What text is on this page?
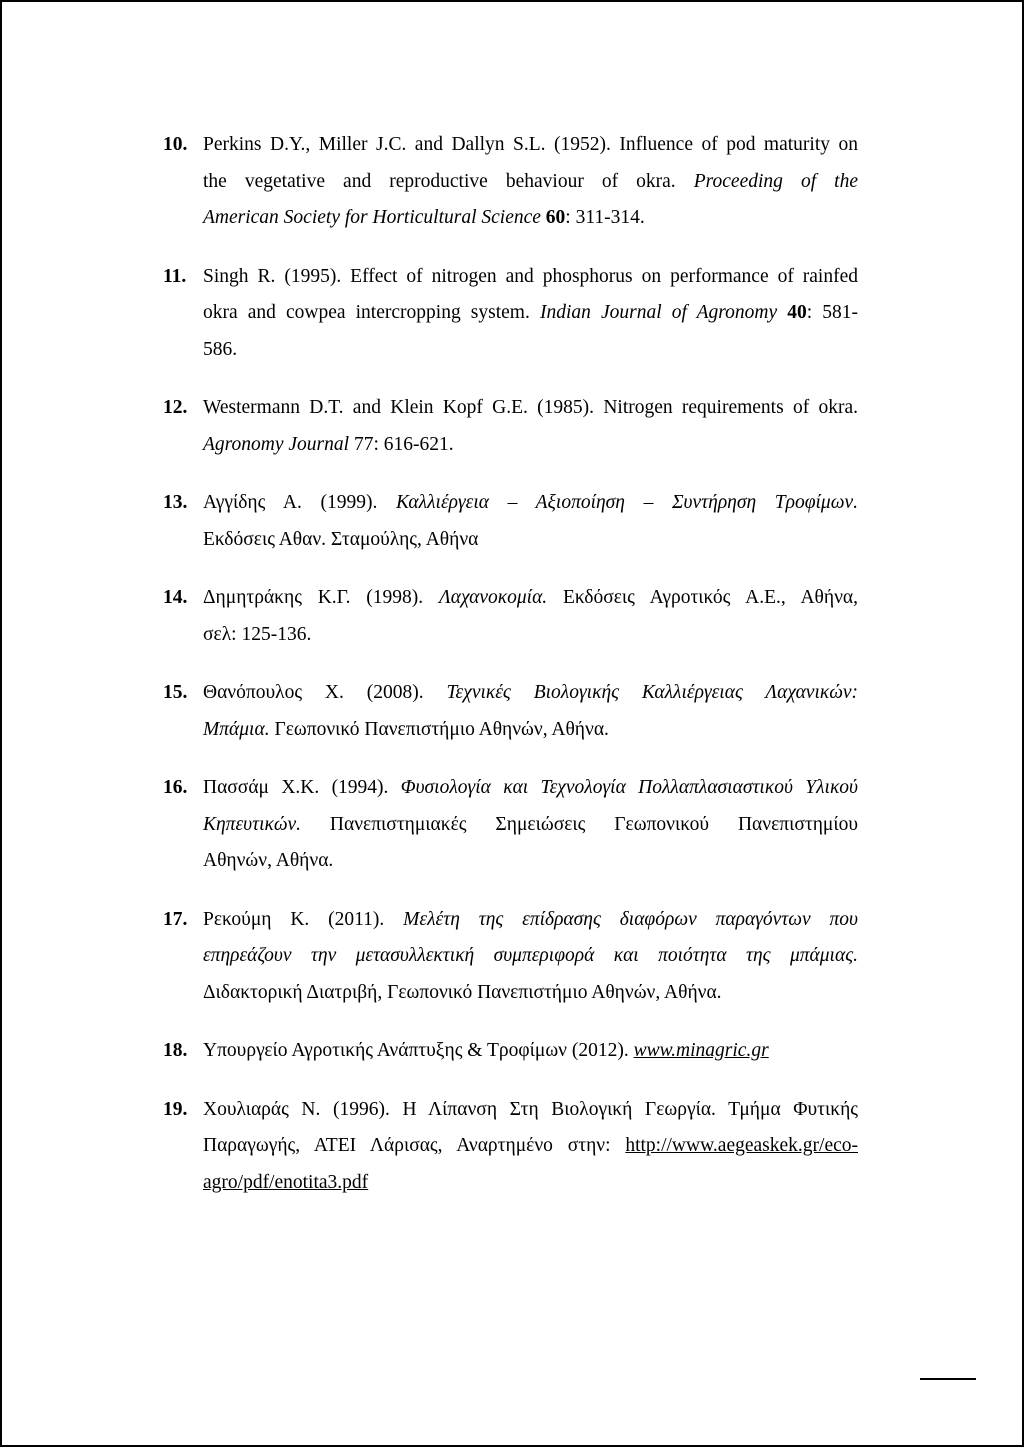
10. Perkins D.Y., Miller J.C. and Dallyn S.L. (1952). Influence of pod maturity on
the vegetative and reproductive behaviour of okra. Proceeding of the
American Society for Horticultural Science 60: 311-314.
11. Singh R. (1995). Effect of nitrogen and phosphorus on performance of rainfed
okra and cowpea intercropping system. Indian Journal of Agronomy 40: 581-
586.
12. Westermann D.T. and Klein Kopf G.E. (1985). Nitrogen requirements of okra.
Agronomy Journal 77: 616-621.
13. Αγγίδης Α. (1999). Καλλιέργεια – Αξιοποίηση – Συντήρηση Τροφίμων.
Εκδόσεις Αθαν. Σταμούλης, Αθήνα
14. Δημητράκης Κ.Γ. (1998). Λαχανοκομία. Εκδόσεις Αγροτικός Α.Ε., Αθήνα,
σελ: 125-136.
15. Θανόπουλος Χ. (2008). Τεχνικές Βιολογικής Καλλιέργειας Λαχανικών:
Μπάμια. Γεωπονικό Πανεπιστήμιο Αθηνών, Αθήνα.
16. Πασσάμ Χ.Κ. (1994). Φυσιολογία και Τεχνολογία Πολλαπλασιαστικού Υλικού
Κηπευτικών. Πανεπιστημιακές Σημειώσεις Γεωπονικού Πανεπιστημίου
Αθηνών, Αθήνα.
17. Ρεκούμη Κ. (2011). Μελέτη της επίδρασης διαφόρων παραγόντων που
επηρεάζουν την μετασυλλεκτική συμπεριφορά και ποιότητα της μπάμιας.
Διδακτορική Διατριβή, Γεωπονικό Πανεπιστήμιο Αθηνών, Αθήνα.
18. Υπουργείο Αγροτικής Ανάπτυξης & Τροφίμων (2012). www.minagric.gr
19. Χουλιαράς Ν. (1996). Η Λίπανση Στη Βιολογική Γεωργία. Τμήμα Φυτικής
Παραγωγής, ΑΤΕΙ Λάρισας, Αναρτημένο στην: http://www.aegeaskek.gr/eco-
agro/pdf/enotita3.pdf
